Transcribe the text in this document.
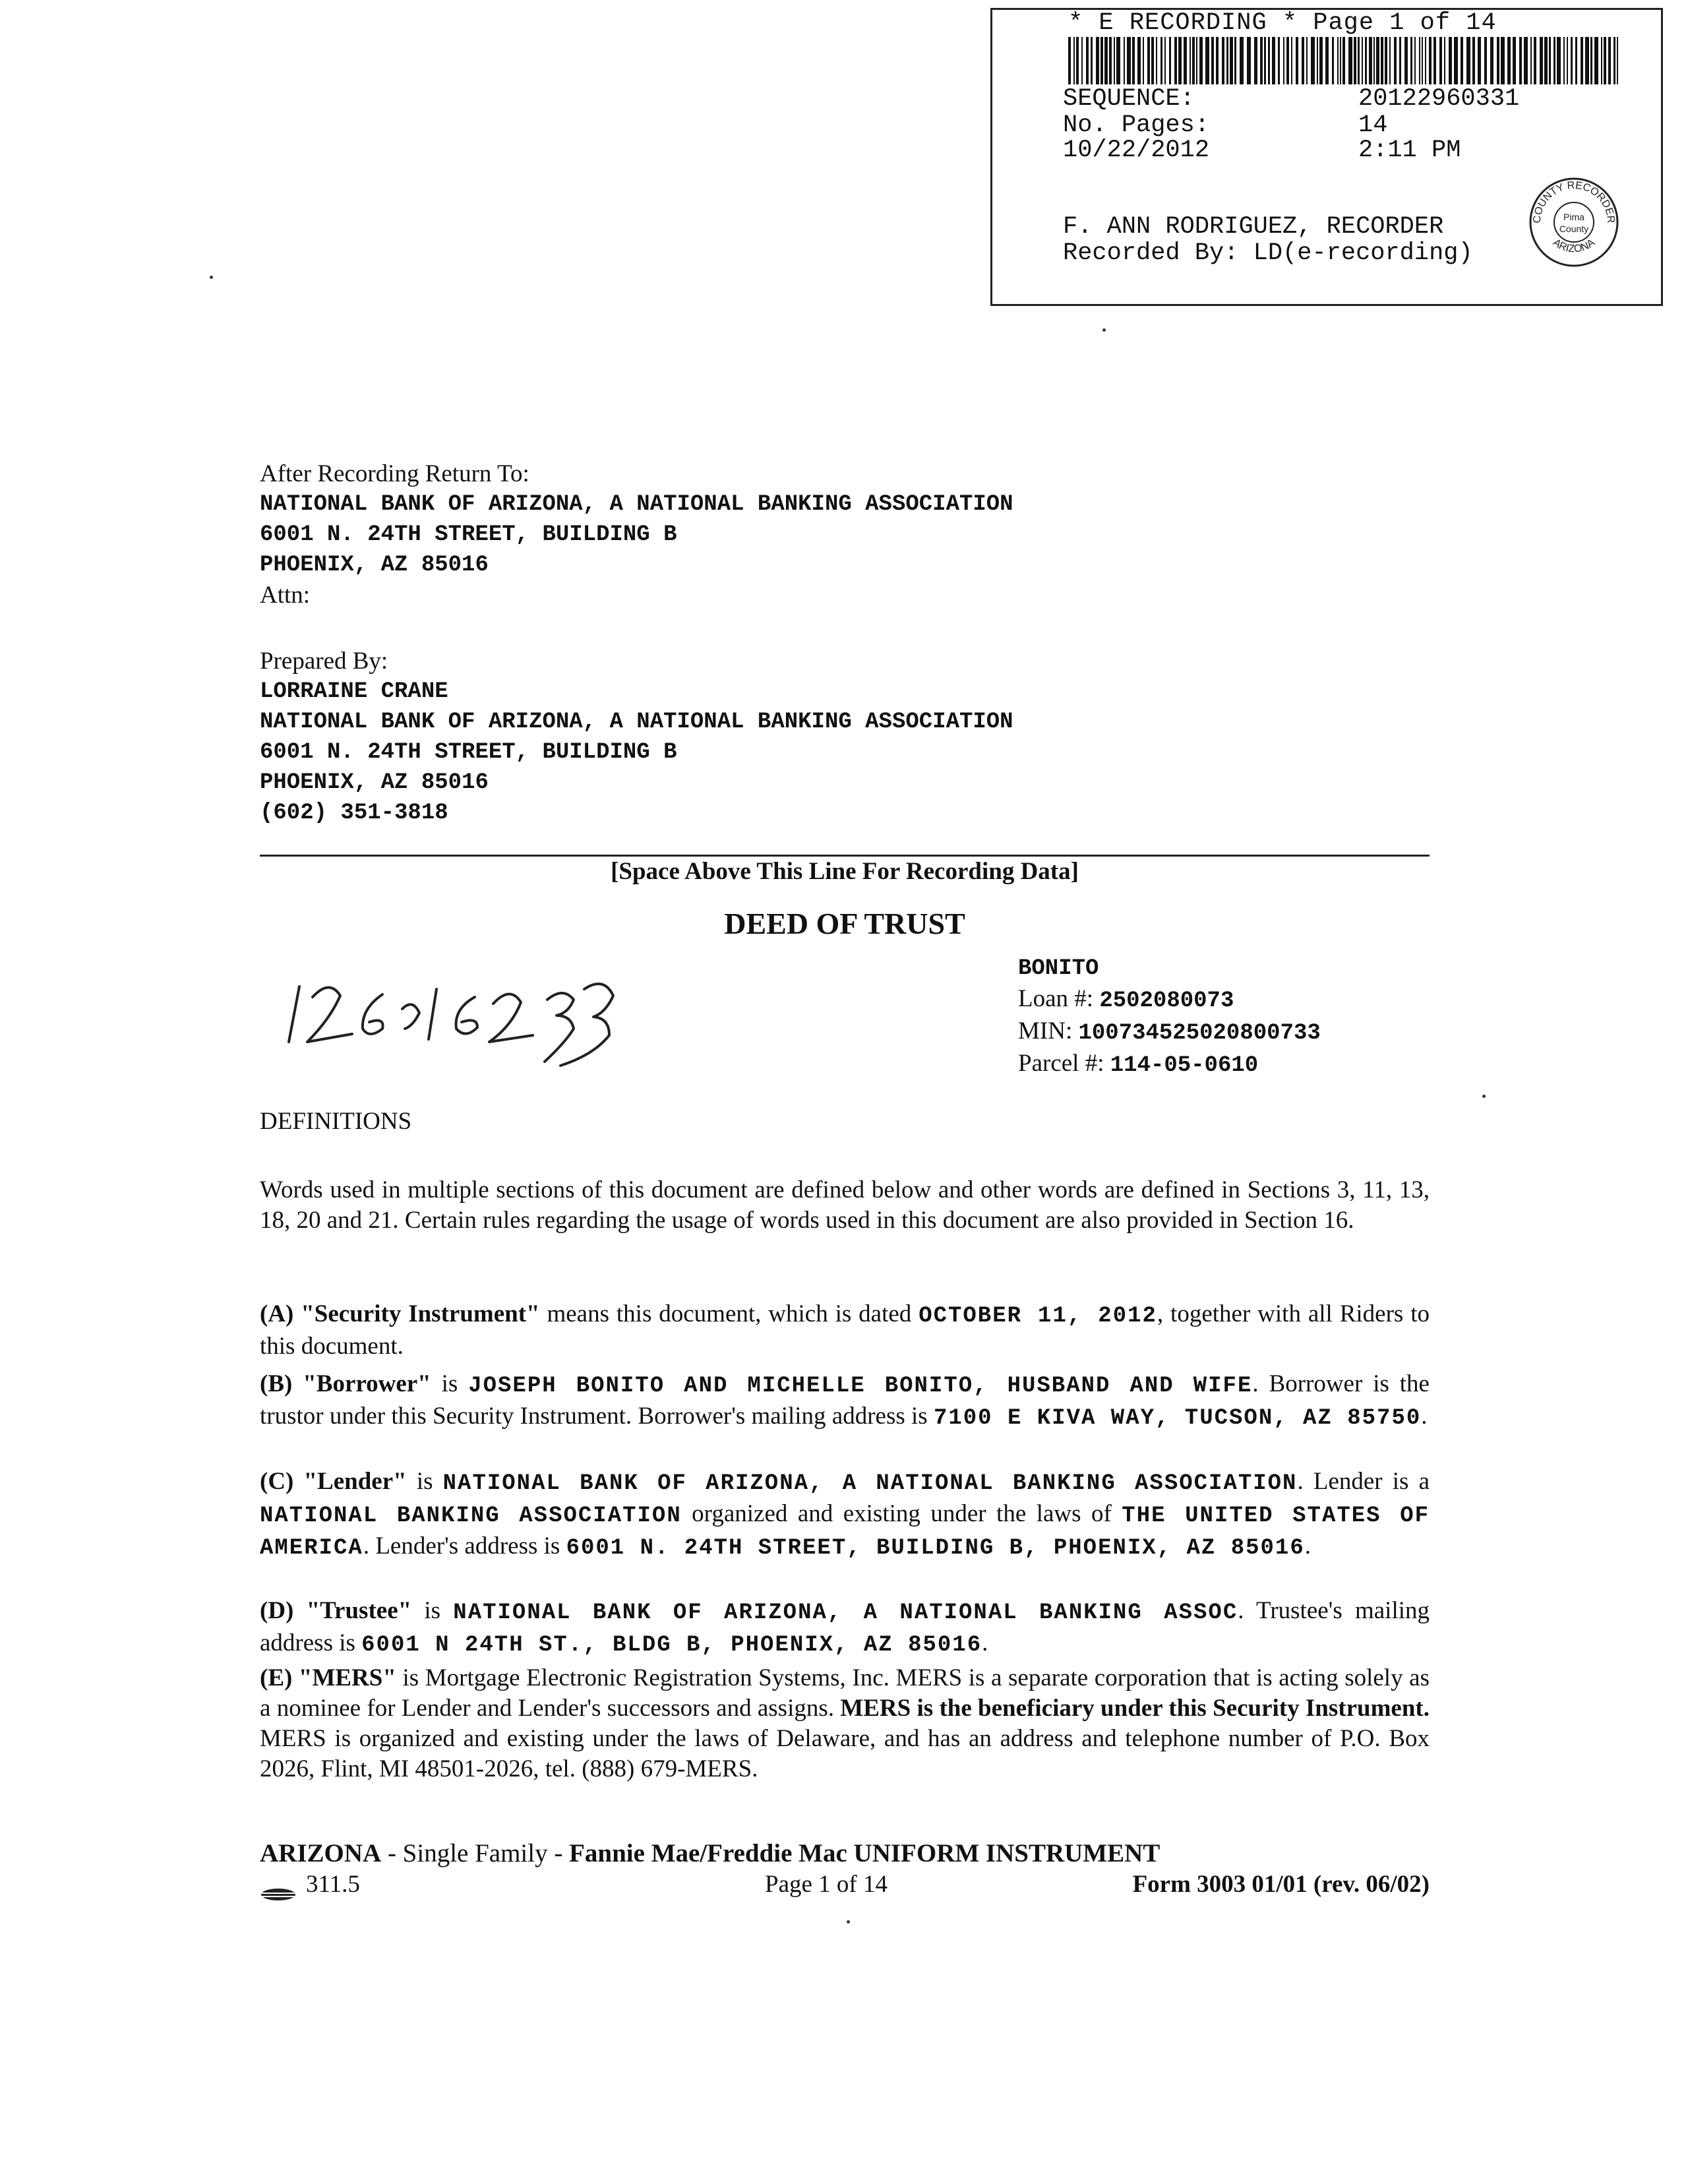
* E RECORDING * Page 1 of 14
SEQUENCE:	20122960331
No. Pages:	14
10/22/2012	2:11 PM
F. ANN RODRIGUEZ, RECORDER
Recorded By: LD(e-recording)
COUNTY RECORDER
ARIZONA
Pima
County
After Recording Return To:
NATIONAL BANK OF ARIZONA, A NATIONAL BANKING ASSOCIATION
6001 N. 24TH STREET, BUILDING B
PHOENIX, AZ 85016
Attn:
Prepared By:
LORRAINE CRANE
NATIONAL BANK OF ARIZONA, A NATIONAL BANKING ASSOCIATION
6001 N. 24TH STREET, BUILDING B
PHOENIX, AZ 85016
(602) 351-3818
[Space Above This Line For Recording Data]
DEED OF TRUST
12612293	BONITO
Loan #: 2502080073
MIN: 100734525020800733
Parcel #: 114-05-0610
DEFINITIONS
Words used in multiple sections of this document are defined below and other words are defined in Sections 3, 11, 13, 18, 20 and 21. Certain rules regarding the usage of words used in this document are also provided in Section 16.
(A) "Security Instrument" means this document, which is dated OCTOBER 11, 2012, together with all Riders to this document.
(B) "Borrower" is JOSEPH BONITO AND MICHELLE BONITO, HUSBAND AND WIFE. Borrower is the trustor under this Security Instrument. Borrower's mailing address is 7100 E KIVA WAY, TUCSON, AZ 85750.
(C) "Lender" is NATIONAL BANK OF ARIZONA, A NATIONAL BANKING ASSOCIATION. Lender is a NATIONAL BANKING ASSOCIATION organized and existing under the laws of THE UNITED STATES OF AMERICA. Lender's address is 6001 N. 24TH STREET, BUILDING B, PHOENIX, AZ 85016.
(D) "Trustee" is NATIONAL BANK OF ARIZONA, A NATIONAL BANKING ASSOC. Trustee's mailing address is 6001 N 24TH ST., BLDG B, PHOENIX, AZ 85016.
(E) "MERS" is Mortgage Electronic Registration Systems, Inc. MERS is a separate corporation that is acting solely as a nominee for Lender and Lender's successors and assigns. MERS is the beneficiary under this Security Instrument. MERS is organized and existing under the laws of Delaware, and has an address and telephone number of P.O. Box 2026, Flint, MI 48501-2026, tel. (888) 679-MERS.
ARIZONA - Single Family - Fannie Mae/Freddie Mac UNIFORM INSTRUMENT
311.5	Page 1 of 14	Form 3003 01/01 (rev. 06/02)
